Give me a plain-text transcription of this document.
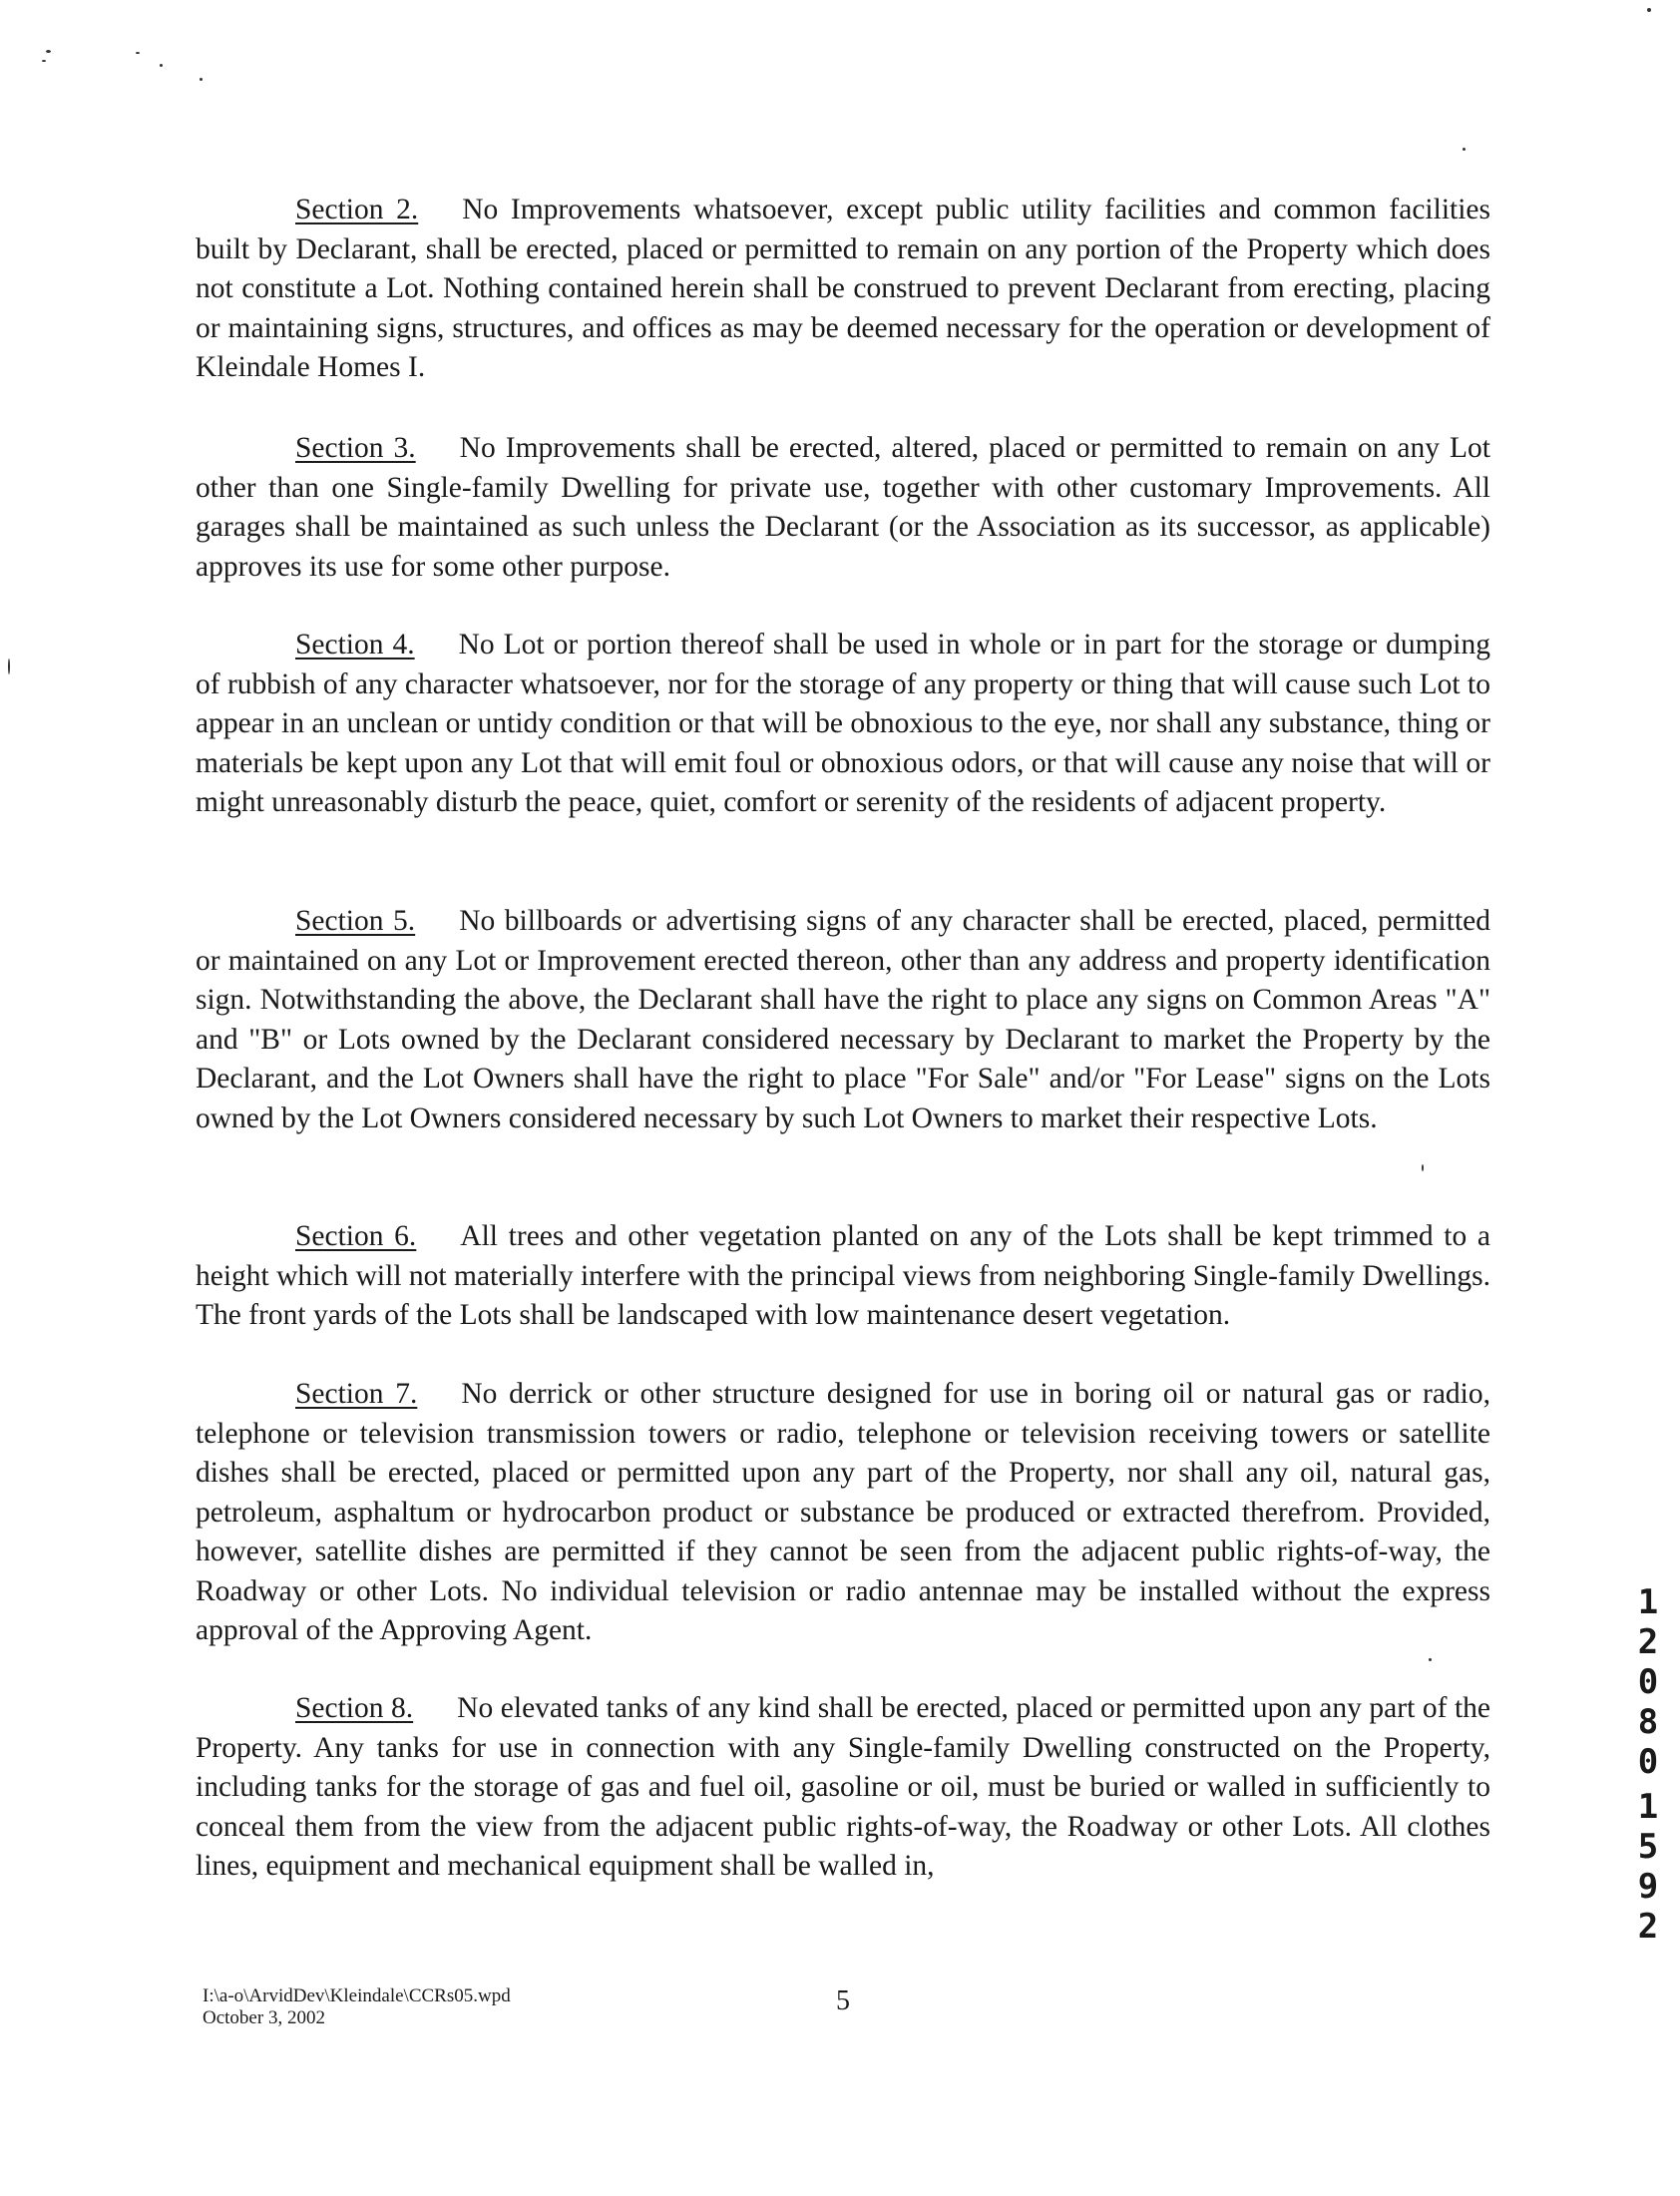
Section 2. No Improvements whatsoever, except public utility facilities and common facilities built by Declarant, shall be erected, placed or permitted to remain on any portion of the Property which does not constitute a Lot. Nothing contained herein shall be construed to prevent Declarant from erecting, placing or maintaining signs, structures, and offices as may be deemed necessary for the operation or development of Kleindale Homes I.

Section 3. No Improvements shall be erected, altered, placed or permitted to remain on any Lot other than one Single-family Dwelling for private use, together with other customary Improvements. All garages shall be maintained as such unless the Declarant (or the Association as its successor, as applicable) approves its use for some other purpose.

Section 4. No Lot or portion thereof shall be used in whole or in part for the storage or dumping of rubbish of any character whatsoever, nor for the storage of any property or thing that will cause such Lot to appear in an unclean or untidy condition or that will be obnoxious to the eye, nor shall any substance, thing or materials be kept upon any Lot that will emit foul or obnoxious odors, or that will cause any noise that will or might unreasonably disturb the peace, quiet, comfort or serenity of the residents of adjacent property.

Section 5. No billboards or advertising signs of any character shall be erected, placed, permitted or maintained on any Lot or Improvement erected thereon, other than any address and property identification sign. Notwithstanding the above, the Declarant shall have the right to place any signs on Common Areas "A" and "B" or Lots owned by the Declarant considered necessary by Declarant to market the Property by the Declarant, and the Lot Owners shall have the right to place "For Sale" and/or "For Lease" signs on the Lots owned by the Lot Owners considered necessary by such Lot Owners to market their respective Lots.

Section 6. All trees and other vegetation planted on any of the Lots shall be kept trimmed to a height which will not materially interfere with the principal views from neighboring Single-family Dwellings. The front yards of the Lots shall be landscaped with low maintenance desert vegetation.

Section 7. No derrick or other structure designed for use in boring oil or natural gas or radio, telephone or television transmission towers or radio, telephone or television receiving towers or satellite dishes shall be erected, placed or permitted upon any part of the Property, nor shall any oil, natural gas, petroleum, asphaltum or hydrocarbon product or substance be produced or extracted therefrom. Provided, however, satellite dishes are permitted if they cannot be seen from the adjacent public rights-of-way, the Roadway or other Lots. No individual television or radio antennae may be installed without the express approval of the Approving Agent.

Section 8. No elevated tanks of any kind shall be erected, placed or permitted upon any part of the Property. Any tanks for use in connection with any Single-family Dwelling constructed on the Property, including tanks for the storage of gas and fuel oil, gasoline or oil, must be buried or walled in sufficiently to conceal them from the view from the adjacent public rights-of-way, the Roadway or other Lots. All clothes lines, equipment and mechanical equipment shall be walled in,

I:\a-o\ArvidDev\Kleindale\CCRs05.wpd
October 3, 2002
5
1
2
0
8
0
1
5
9
2
